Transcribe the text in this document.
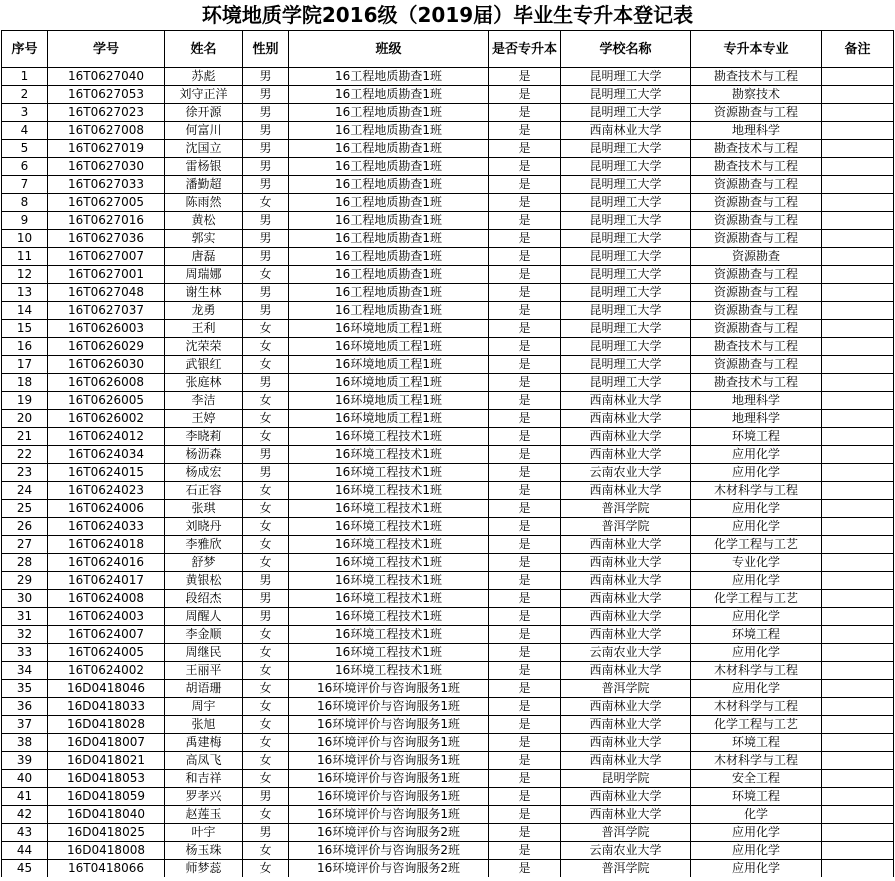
环境地质学院2016级（2019届）毕业生专升本登记表
序号	学号	姓名	性别	班级	是否专升本	学校名称	专升本专业	备注
1	16T0627040	苏彪	男	16工程地质勘查1班	是	昆明理工大学	勘查技术与工程	
2	16T0627053	刘守正洋	男	16工程地质勘查1班	是	昆明理工大学	勘察技术	
3	16T0627023	徐开源	男	16工程地质勘查1班	是	昆明理工大学	资源勘查与工程	
4	16T0627008	何富川	男	16工程地质勘查1班	是	西南林业大学	地理科学	
5	16T0627019	沈国立	男	16工程地质勘查1班	是	昆明理工大学	勘查技术与工程	
6	16T0627030	雷杨银	男	16工程地质勘查1班	是	昆明理工大学	勘查技术与工程	
7	16T0627033	潘勤超	男	16工程地质勘查1班	是	昆明理工大学	资源勘查与工程	
8	16T0627005	陈雨然	女	16工程地质勘查1班	是	昆明理工大学	资源勘查与工程	
9	16T0627016	黄松	男	16工程地质勘查1班	是	昆明理工大学	资源勘查与工程	
10	16T0627036	郭实	男	16工程地质勘查1班	是	昆明理工大学	资源勘查与工程	
11	16T0627007	唐磊	男	16工程地质勘查1班	是	昆明理工大学	资源勘查	
12	16T0627001	周瑞娜	女	16工程地质勘查1班	是	昆明理工大学	资源勘查与工程	
13	16T0627048	谢生林	男	16工程地质勘查1班	是	昆明理工大学	资源勘查与工程	
14	16T0627037	龙勇	男	16工程地质勘查1班	是	昆明理工大学	资源勘查与工程	
15	16T0626003	王利	女	16环境地质工程1班	是	昆明理工大学	资源勘查与工程	
16	16T0626029	沈荣荣	女	16环境地质工程1班	是	昆明理工大学	勘查技术与工程	
17	16T0626030	武银红	女	16环境地质工程1班	是	昆明理工大学	资源勘查与工程	
18	16T0626008	张庭林	男	16环境地质工程1班	是	昆明理工大学	勘查技术与工程	
19	16T0626005	李洁	女	16环境地质工程1班	是	西南林业大学	地理科学	
20	16T0626002	王婷	女	16环境地质工程1班	是	西南林业大学	地理科学	
21	16T0624012	李晓莉	女	16环境工程技术1班	是	西南林业大学	环境工程	
22	16T0624034	杨沥森	男	16环境工程技术1班	是	西南林业大学	应用化学	
23	16T0624015	杨成宏	男	16环境工程技术1班	是	云南农业大学	应用化学	
24	16T0624023	石正容	女	16环境工程技术1班	是	西南林业大学	木材科学与工程	
25	16T0624006	张琪	女	16环境工程技术1班	是	普洱学院	应用化学	
26	16T0624033	刘晓丹	女	16环境工程技术1班	是	普洱学院	应用化学	
27	16T0624018	李雅欣	女	16环境工程技术1班	是	西南林业大学	化学工程与工艺	
28	16T0624016	舒梦	女	16环境工程技术1班	是	西南林业大学	专业化学	
29	16T0624017	黄银松	男	16环境工程技术1班	是	西南林业大学	应用化学	
30	16T0624008	段绍杰	男	16环境工程技术1班	是	西南林业大学	化学工程与工艺	
31	16T0624003	周醒人	男	16环境工程技术1班	是	西南林业大学	应用化学	
32	16T0624007	李金顺	女	16环境工程技术1班	是	西南林业大学	环境工程	
33	16T0624005	周继民	女	16环境工程技术1班	是	云南农业大学	应用化学	
34	16T0624002	王丽平	女	16环境工程技术1班	是	西南林业大学	木材科学与工程	
35	16D0418046	胡语珊	女	16环境评价与咨询服务1班	是	普洱学院	应用化学	
36	16D0418033	周宇	女	16环境评价与咨询服务1班	是	西南林业大学	木材科学与工程	
37	16D0418028	张旭	女	16环境评价与咨询服务1班	是	西南林业大学	化学工程与工艺	
38	16D0418007	禹建梅	女	16环境评价与咨询服务1班	是	西南林业大学	环境工程	
39	16D0418021	高凤飞	女	16环境评价与咨询服务1班	是	西南林业大学	木材科学与工程	
40	16D0418053	和吉祥	女	16环境评价与咨询服务1班	是	昆明学院	安全工程	
41	16D0418059	罗孝兴	男	16环境评价与咨询服务1班	是	西南林业大学	环境工程	
42	16D0418040	赵莲玉	女	16环境评价与咨询服务1班	是	西南林业大学	化学	
43	16D0418025	叶宇	男	16环境评价与咨询服务2班	是	普洱学院	应用化学	
44	16D0418008	杨玉珠	女	16环境评价与咨询服务2班	是	云南农业大学	应用化学	
45	16T0418066	师梦蕊	女	16环境评价与咨询服务2班	是	普洱学院	应用化学	
